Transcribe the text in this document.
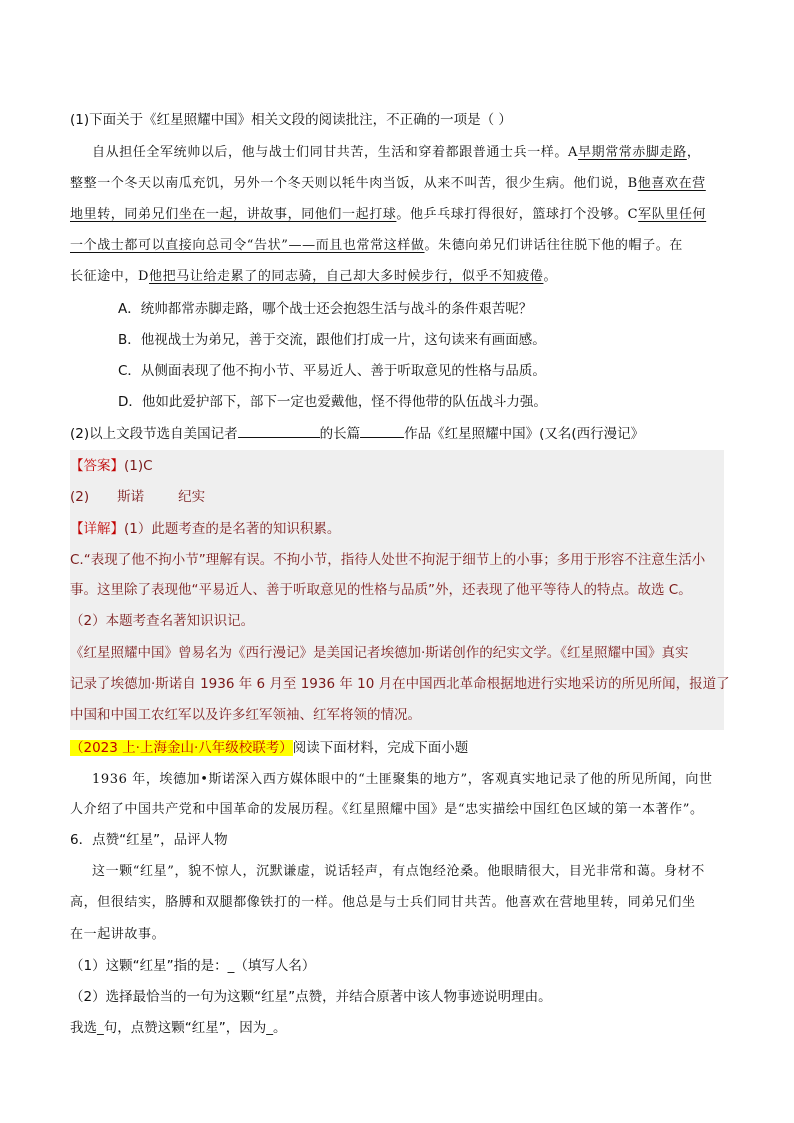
(1)下面关于《红星照耀中国》相关文段的阅读批注，不正确的一项是（ ）
自从担任全军统帅以后，他与战士们同甘共苦，生活和穿着都跟普通士兵一样。A早期常常赤脚走路，
整整一个冬天以南瓜充饥，另外一个冬天则以牦牛肉当饭，从来不叫苦，很少生病。他们说，B他喜欢在营
地里转，同弟兄们坐在一起，讲故事，同他们一起打球。他乒乓球打得很好，篮球打个没够。C军队里任何
一个战士都可以直接向总司令“告状”——而且也常常这样做。朱德向弟兄们讲话往往脱下他的帽子。在
长征途中，D他把马让给走累了的同志骑，自己却大多时候步行，似乎不知疲倦。
A．统帅都常赤脚走路，哪个战士还会抱怨生活与战斗的条件艰苦呢？
B．他视战士为弟兄，善于交流，跟他们打成一片，这句读来有画面感。
C．从侧面表现了他不拘小节、平易近人、善于听取意见的性格与品质。
D．他如此爱护部下，部下一定也爱戴他，怪不得他带的队伍战斗力强。
(2)以上文段节选自美国记者	的长篇	作品《红星照耀中国》(又名(西行漫记》
【答案】(1)C
(2) 斯诺	纪实
【详解】(1）此题考查的是名著的知识积累。
C.“表现了他不拘小节”理解有误。不拘小节，指待人处世不拘泥于细节上的小事；多用于形容不注意生活小
事。这里除了表现他“平易近人、善于听取意见的性格与品质”外，还表现了他平等待人的特点。故选 C。
（2）本题考查名著知识识记。
《红星照耀中国》曾易名为《西行漫记》是美国记者埃德加·斯诺创作的纪实文学。《红星照耀中国》真实
记录了埃德加·斯诺自 1936 年 6 月至 1936 年 10 月在中国西北革命根据地进行实地采访的所见所闻，报道了
中国和中国工农红军以及许多红军领袖、红军将领的情况。
（2023 上·上海金山·八年级校联考）阅读下面材料，完成下面小题
1936 年，埃德加•斯诺深入西方媒体眼中的“土匪聚集的地方”，客观真实地记录了他的所见所闻，向世
人介绍了中国共产党和中国革命的发展历程。《红星照耀中国》是“忠实描绘中国红色区域的第一本著作”。
6．点赞“红星”，品评人物
这一颗“红星”，貌不惊人，沉默谦虚，说话轻声，有点饱经沧桑。他眼睛很大，目光非常和蔼。身材不
高，但很结实，胳膊和双腿都像铁打的一样。他总是与士兵们同甘共苦。他喜欢在营地里转，同弟兄们坐
在一起讲故事。
（1）这颗“红星”指的是：_（填写人名）
（2）选择最恰当的一句为这颗“红星”点赞，并结合原著中该人物事迹说明理由。
我选_句，点赞这颗“红星”，因为_。
